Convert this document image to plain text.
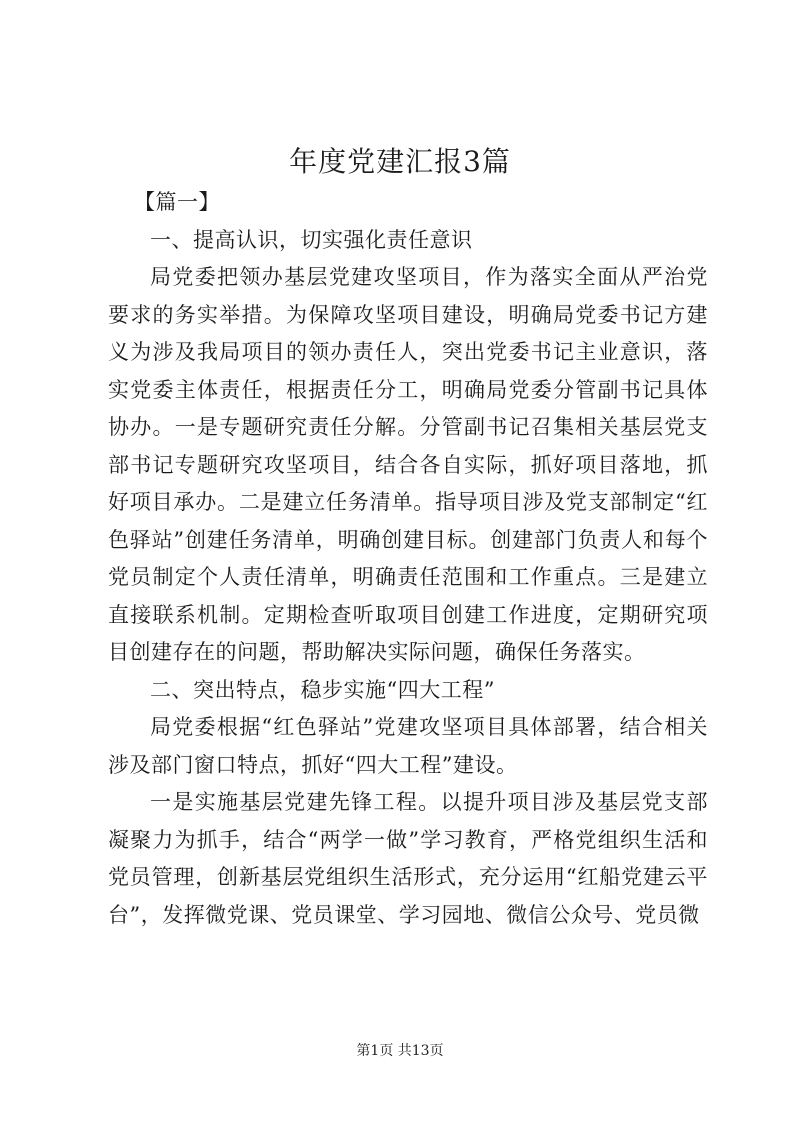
年度党建汇报3篇

【篇一】

一、提高认识，切实强化责任意识

局党委把领办基层党建攻坚项目，作为落实全面从严治党要求的务实举措。为保障攻坚项目建设，明确局党委书记方建义为涉及我局项目的领办责任人，突出党委书记主业意识，落实党委主体责任，根据责任分工，明确局党委分管副书记具体协办。一是专题研究责任分解。分管副书记召集相关基层党支部书记专题研究攻坚项目，结合各自实际，抓好项目落地，抓好项目承办。二是建立任务清单。指导项目涉及党支部制定“红色驿站”创建任务清单，明确创建目标。创建部门负责人和每个党员制定个人责任清单，明确责任范围和工作重点。三是建立直接联系机制。定期检查听取项目创建工作进度，定期研究项目创建存在的问题，帮助解决实际问题，确保任务落实。

二、突出特点，稳步实施“四大工程”

局党委根据“红色驿站”党建攻坚项目具体部署，结合相关涉及部门窗口特点，抓好“四大工程”建设。

一是实施基层党建先锋工程。以提升项目涉及基层党支部凝聚力为抓手，结合“两学一做”学习教育，严格党组织生活和党员管理，创新基层党组织生活形式，充分运用“红船党建云平台”，发挥微党课、党员课堂、学习园地、微信公众号、党员微

第1页 共13页
